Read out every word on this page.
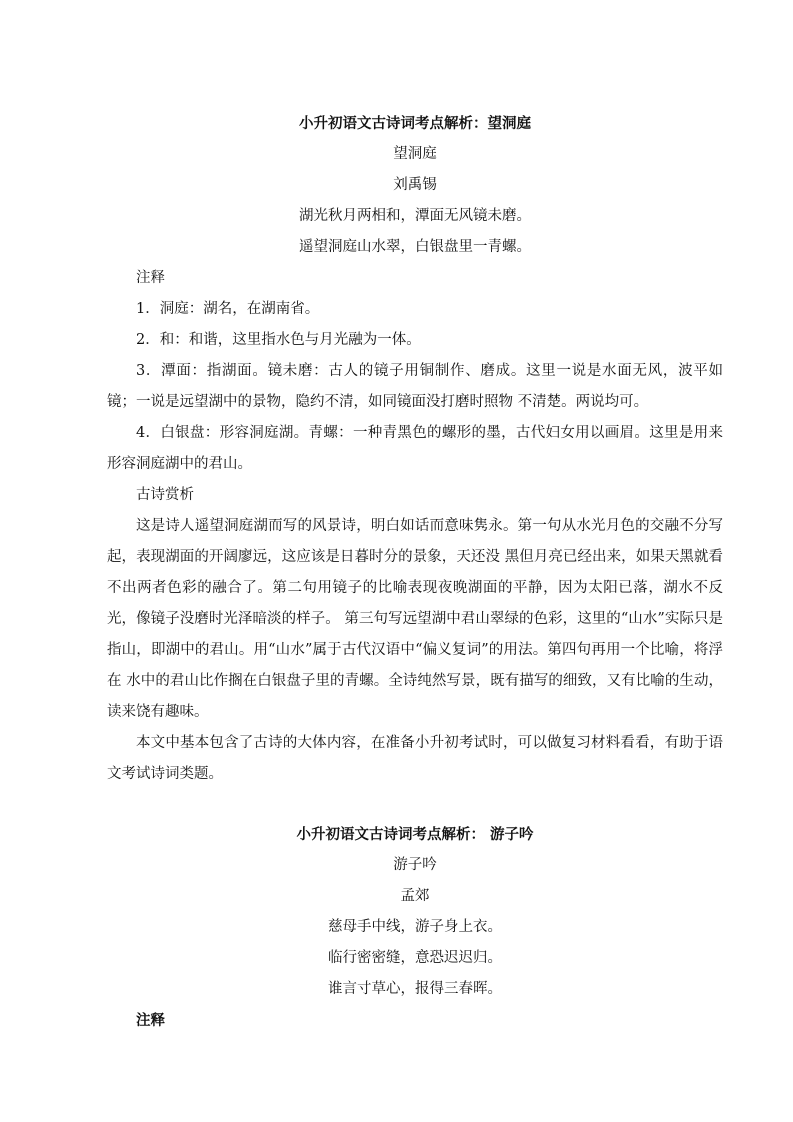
小升初语文古诗词考点解析：望洞庭

望洞庭

刘禹锡

湖光秋月两相和，潭面无风镜未磨。

遥望洞庭山水翠，白银盘里一青螺。

注释

1．洞庭：湖名，在湖南省。

2．和：和谐，这里指水色与月光融为一体。

3．潭面：指湖面。镜未磨：古人的镜子用铜制作、磨成。这里一说是水面无风，波平如镜；一说是远望湖中的景物，隐约不清，如同镜面没打磨时照物 不清楚。两说均可。

4．白银盘：形容洞庭湖。青螺：一种青黑色的螺形的墨，古代妇女用以画眉。这里是用来形容洞庭湖中的君山。

古诗赏析

这是诗人遥望洞庭湖而写的风景诗，明白如话而意味隽永。第一句从水光月色的交融不分写起，表现湖面的开阔廖远，这应该是日暮时分的景象，天还没 黑但月亮已经出来，如果天黑就看不出两者色彩的融合了。第二句用镜子的比喻表现夜晚湖面的平静，因为太阳已落，湖水不反光，像镜子没磨时光泽暗淡的样子。 第三句写远望湖中君山翠绿的色彩，这里的“山水”实际只是指山，即湖中的君山。用“山水”属于古代汉语中“偏义复词”的用法。第四句再用一个比喻，将浮在 水中的君山比作搁在白银盘子里的青螺。全诗纯然写景，既有描写的细致，又有比喻的生动，读来饶有趣味。

本文中基本包含了古诗的大体内容，在准备小升初考试时，可以做复习材料看看，有助于语文考试诗词类题。

小升初语文古诗词考点解析： 游子吟

游子吟

孟郊

慈母手中线，游子身上衣。

临行密密缝，意恐迟迟归。

谁言寸草心，报得三春晖。

注释
